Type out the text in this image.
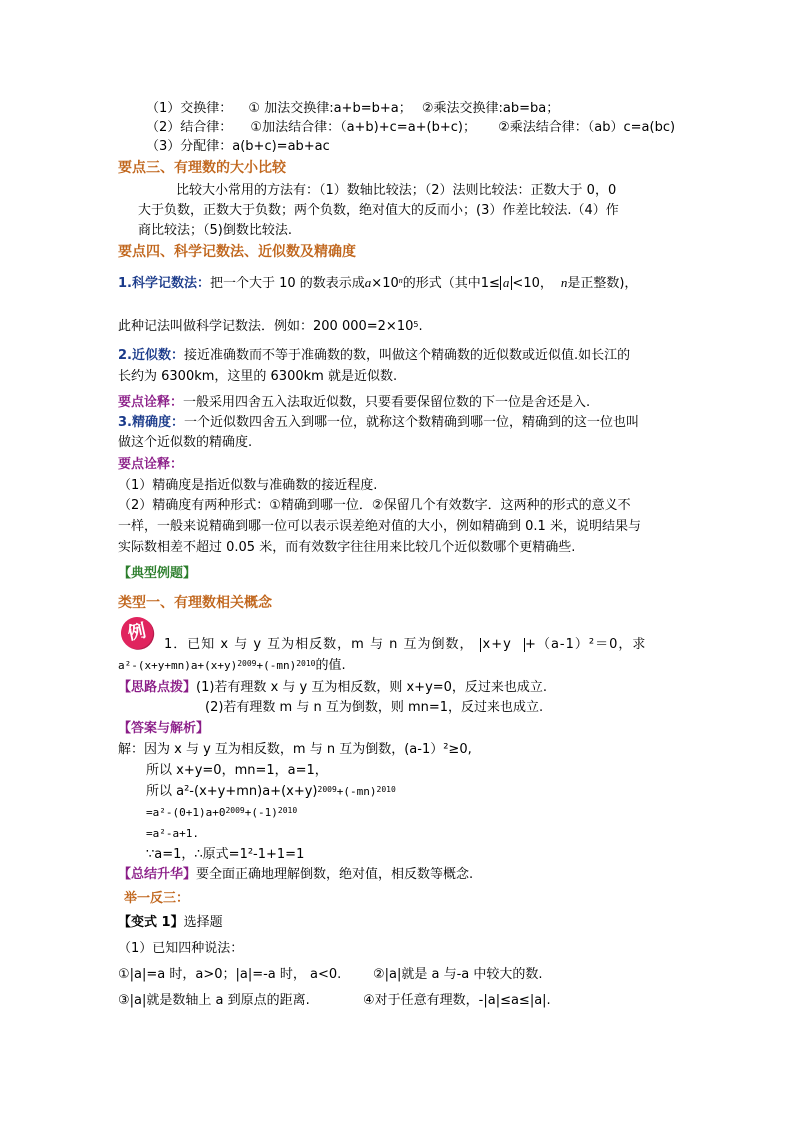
（1）交换律： ① 加法交换律:a+b=b+a； ②乘法交换律:ab=ba；
（2）结合律： ①加法结合律：（a+b)+c=a+(b+c)； ②乘法结合律：（ab）c=a(bc)
（3）分配律：a(b+c)=ab+ac
要点三、有理数的大小比较
比较大小常用的方法有：（1）数轴比较法；（2）法则比较法：正数大于 0，0
大于负数，正数大于负数；两个负数，绝对值大的反而小；(3）作差比较法.（4）作
商比较法；（5)倒数比较法.
要点四、科学记数法、近似数及精确度
1.科学记数法：把一个大于 10 的数表示成$a\times 10^n$的形式（其中1≤ a <10， n是正整数)，
此种记法叫做科学记数法．例如：200 $000=2\times 10^5$.
2.近似数：接近准确数而不等于准确数的数，叫做这个精确数的近似数或近似值.如长江的
长约为 6300km，这里的 6300km 就是近似数.
要点诠释：一般采用四舍五入法取近似数，只要看要保留位数的下一位是舍还是入.
3.精确度：一个近似数四舍五入到哪一位，就称这个数精确到哪一位，精确到的这一位也叫
做这个近似数的精确度.
要点诠释：
（1）精确度是指近似数与准确数的接近程度.
（2）精确度有两种形式：①精确到哪一位．②保留几个有效数字．这两种的形式的意义不
一样，一般来说精确到哪一位可以表示误差绝对值的大小，例如精确到 0.1 米，说明结果与
实际数相差不超过 0.05 米，而有效数字往往用来比较几个近似数哪个更精确些.
【典型例题】
类型一、有理数相关概念
例	1．已知 x 与 y 互为相反数，m 与 n 互为倒数， x+y +（a-1）²＝0，求
$a^2-(x+y+mn)a+(x+y)^{2009}+(-mn)^{2010}$的值.
【思路点拨】(1)若有理数 x 与 y 互为相反数，则 x+y=0，反过来也成立.
(2)若有理数 m 与 n 互为倒数，则 mn=1，反过来也成立.
【答案与解析】
解：因为 x 与 y 互为相反数，m 与 n 互为倒数，(a-1）²≥0,
所以 x+y=0，mn=1，a=1，
所以 $a^2-(x+y+mn)a+(x+y)^{2009}+(-mn)^{2010}$
$=a^2-(0+1)a+0^{2009}+(-1)^{2010}$
=a²-a+1.
∵a=1，∴原式=1²-1+1=1
【总结升华】要全面正确地理解倒数，绝对值，相反数等概念.
举一反三：
【变式 1】选择题
（1）已知四种说法：
①|a|=a 时，a>0；|a|=-a 时， a<0. ②|a|就是 a 与-a 中较大的数.
③|a|就是数轴上 a 到原点的距离.	④对于任意有理数，-|a|≤a≤|a|.
